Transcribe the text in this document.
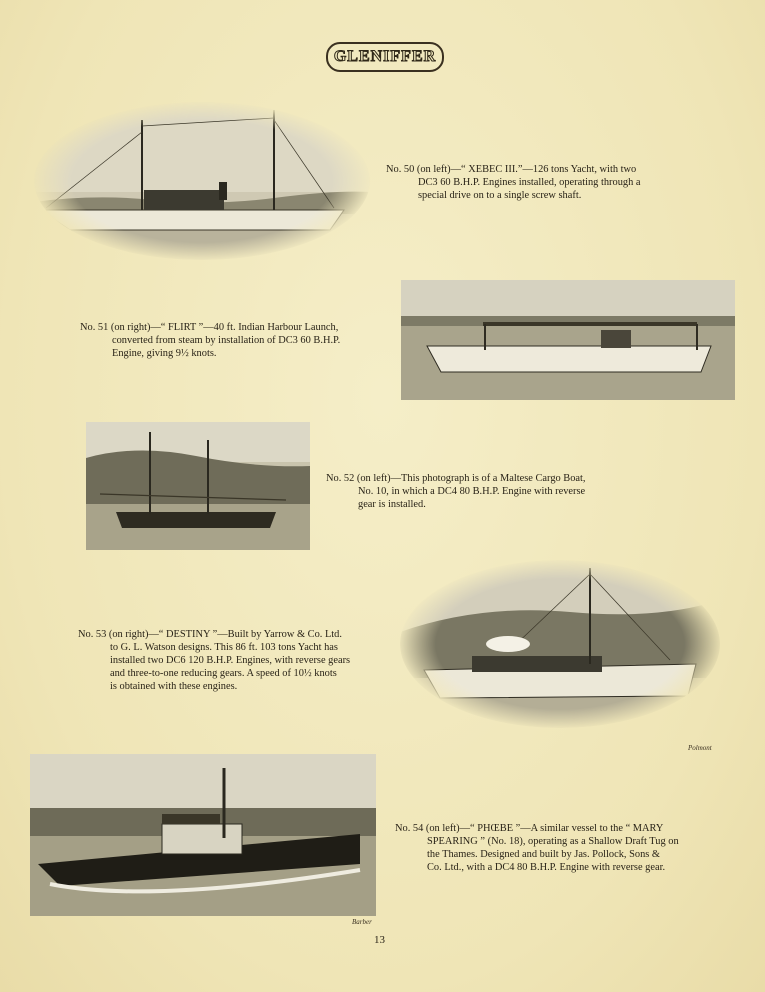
GLENIFFER
No. 50 (on left)—“ XEBEC III.”—126 tons Yacht, with two
DC3 60 B.H.P. Engines installed, operating through a
special drive on to a single screw shaft.
No. 51 (on right)—“ FLIRT ”—40 ft. Indian Harbour Launch,
converted from steam by installation of DC3 60 B.H.P.
Engine, giving 9½ knots.
No. 52 (on left)—This photograph is of a Maltese Cargo Boat,
No. 10, in which a DC4 80 B.H.P. Engine with reverse
gear is installed.
No. 53 (on right)—“ DESTINY ”—Built by Yarrow & Co. Ltd.
to G. L. Watson designs. This 86 ft. 103 tons Yacht has
installed two DC6 120 B.H.P. Engines, with reverse gears
and three-to-one reducing gears. A speed of 10½ knots
is obtained with these engines.
Polmont
Barber
No. 54 (on left)—“ PHŒBE ”—A similar vessel to the “ MARY
SPEARING ” (No. 18), operating as a Shallow Draft Tug on
the Thames. Designed and built by Jas. Pollock, Sons &
Co. Ltd., with a DC4 80 B.H.P. Engine with reverse gear.
13
